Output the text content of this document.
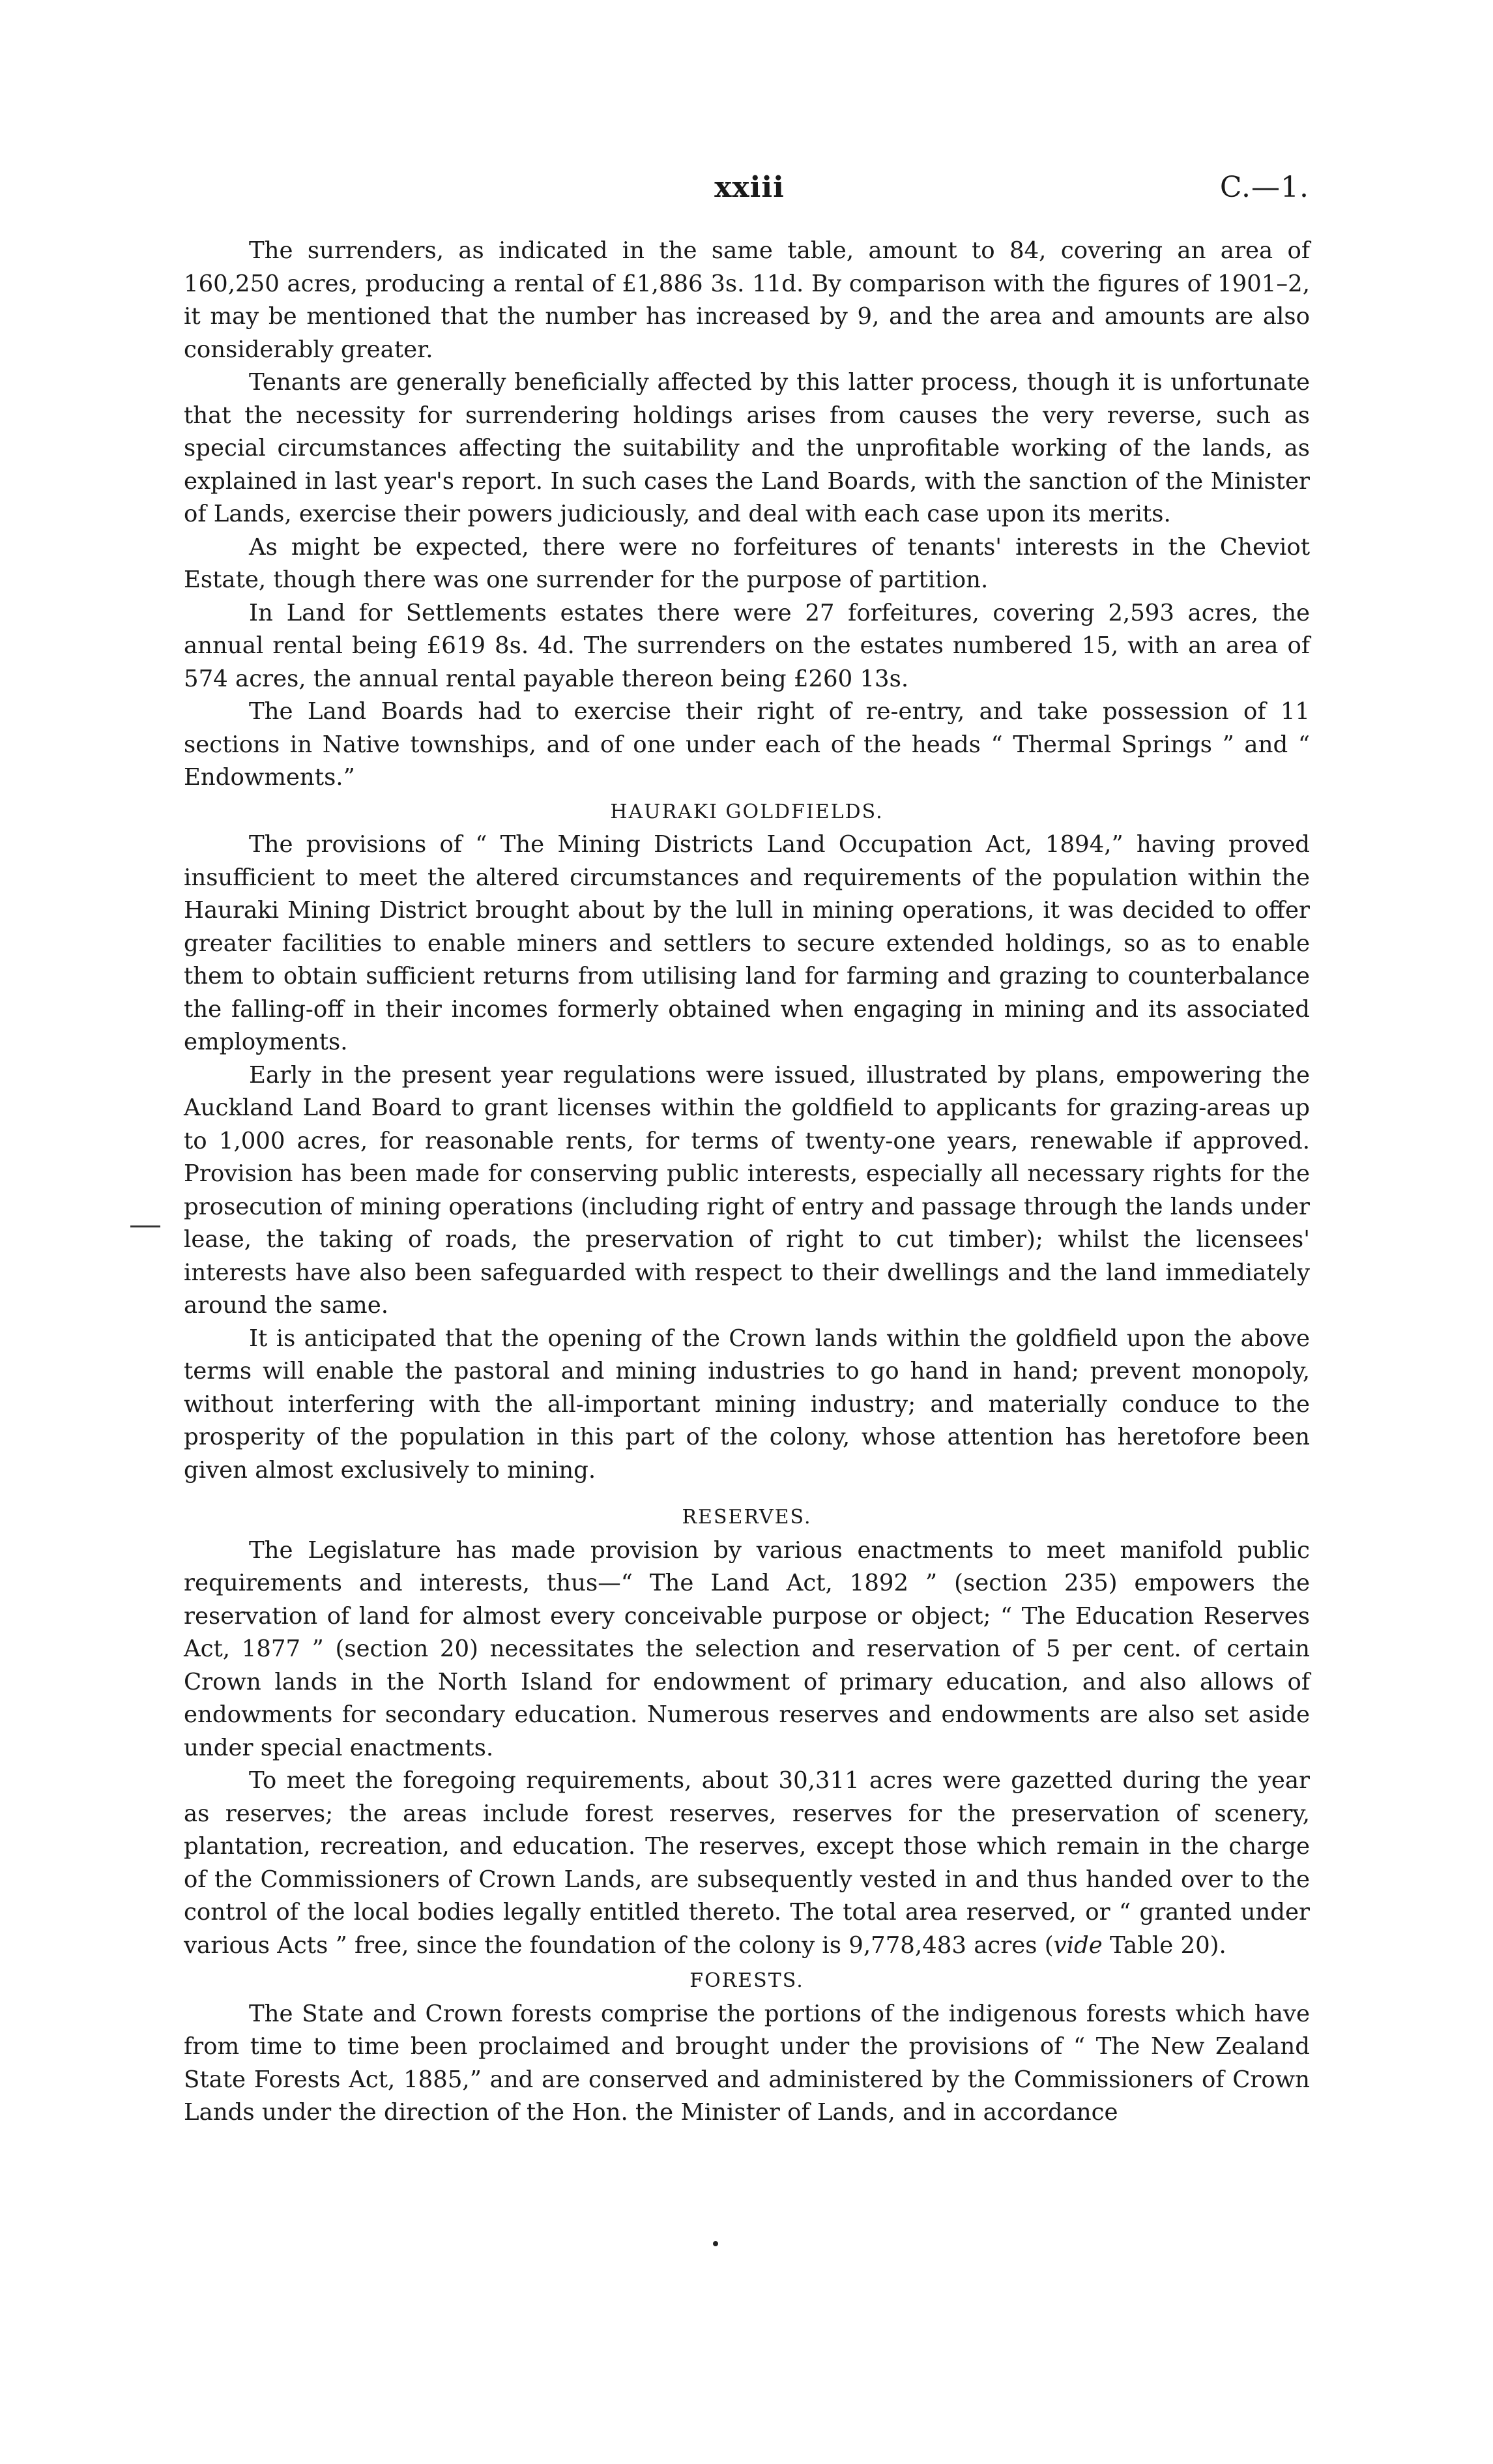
xxiii	C.—1.

The surrenders, as indicated in the same table, amount to 84, covering an area of 160,250 acres, producing a rental of £1,886 3s. 11d. By comparison with the figures of 1901–2, it may be mentioned that the number has increased by 9, and the area and amounts are also considerably greater.

Tenants are generally beneficially affected by this latter process, though it is unfortunate that the necessity for surrendering holdings arises from causes the very reverse, such as special circumstances affecting the suitability and the unprofitable working of the lands, as explained in last year's report. In such cases the Land Boards, with the sanction of the Minister of Lands, exercise their powers judiciously, and deal with each case upon its merits.

As might be expected, there were no forfeitures of tenants' interests in the Cheviot Estate, though there was one surrender for the purpose of partition.

In Land for Settlements estates there were 27 forfeitures, covering 2,593 acres, the annual rental being £619 8s. 4d. The surrenders on the estates numbered 15, with an area of 574 acres, the annual rental payable thereon being £260 13s.

The Land Boards had to exercise their right of re-entry, and take possession of 11 sections in Native townships, and of one under each of the heads “ Thermal Springs ” and “ Endowments.”

HAURAKI GOLDFIELDS.

The provisions of “ The Mining Districts Land Occupation Act, 1894,” having proved insufficient to meet the altered circumstances and requirements of the population within the Hauraki Mining District brought about by the lull in mining operations, it was decided to offer greater facilities to enable miners and settlers to secure extended holdings, so as to enable them to obtain sufficient returns from utilising land for farming and grazing to counterbalance the falling-off in their incomes formerly obtained when engaging in mining and its associated employments.

Early in the present year regulations were issued, illustrated by plans, empowering the Auckland Land Board to grant licenses within the goldfield to applicants for grazing-areas up to 1,000 acres, for reasonable rents, for terms of twenty-one years, renewable if approved. Provision has been made for conserving public interests, especially all necessary rights for the prosecution of mining operations (including right of entry and passage through the lands under lease, the taking of roads, the preservation of right to cut timber); whilst the licensees' interests have also been safeguarded with respect to their dwellings and the land immediately around the same.

It is anticipated that the opening of the Crown lands within the goldfield upon the above terms will enable the pastoral and mining industries to go hand in hand; prevent monopoly, without interfering with the all-important mining industry; and materially conduce to the prosperity of the population in this part of the colony, whose attention has heretofore been given almost exclusively to mining.

RESERVES.

The Legislature has made provision by various enactments to meet manifold public requirements and interests, thus—“ The Land Act, 1892 ” (section 235) empowers the reservation of land for almost every conceivable purpose or object; “ The Education Reserves Act, 1877 ” (section 20) necessitates the selection and reservation of 5 per cent. of certain Crown lands in the North Island for endowment of primary education, and also allows of endowments for secondary education. Numerous reserves and endowments are also set aside under special enactments.

To meet the foregoing requirements, about 30,311 acres were gazetted during the year as reserves; the areas include forest reserves, reserves for the preservation of scenery, plantation, recreation, and education. The reserves, except those which remain in the charge of the Commissioners of Crown Lands, are subsequently vested in and thus handed over to the control of the local bodies legally entitled thereto. The total area reserved, or “ granted under various Acts ” free, since the foundation of the colony is 9,778,483 acres (vide Table 20).

FORESTS.

The State and Crown forests comprise the portions of the indigenous forests which have from time to time been proclaimed and brought under the provisions of “ The New Zealand State Forests Act, 1885,” and are conserved and administered by the Commissioners of Crown Lands under the direction of the Hon. the Minister of Lands, and in accordance
